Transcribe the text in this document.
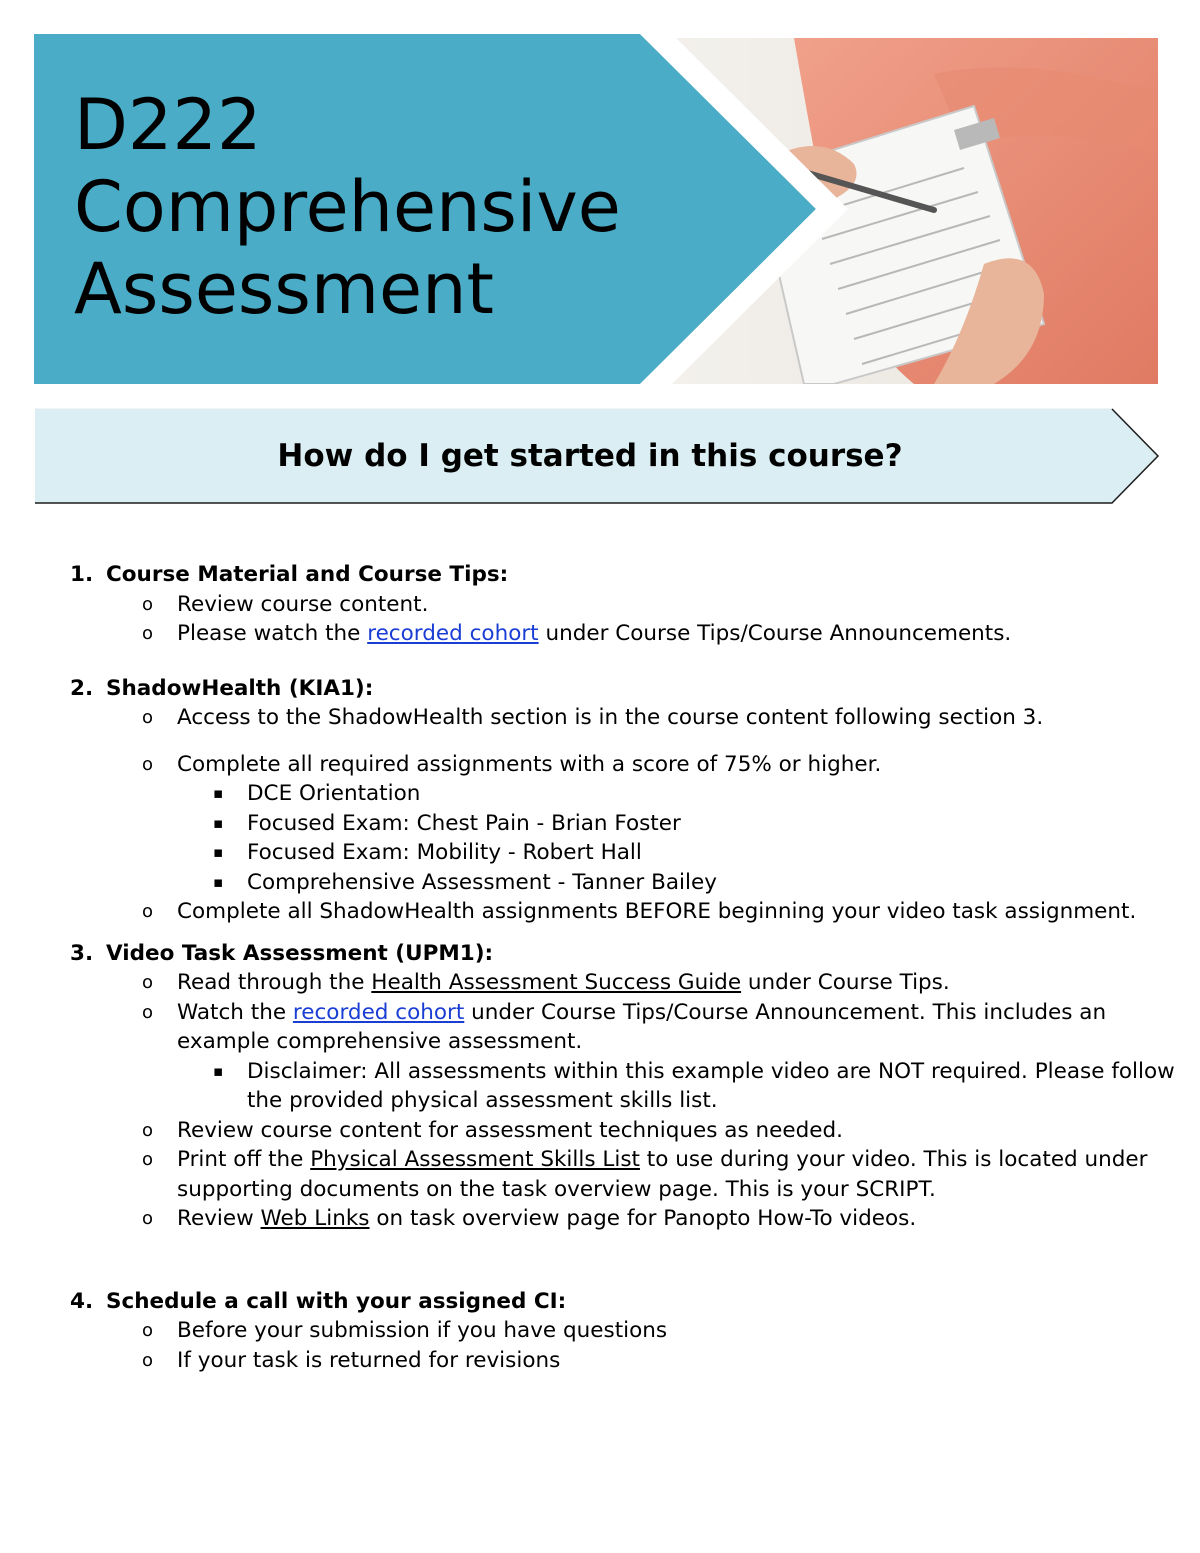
D222
Comprehensive
Assessment
How do I get started in this course?
1. Course Material and Course Tips:
o Review course content.
o Please watch the recorded cohort under Course Tips/Course Announcements.
2. ShadowHealth (KIA1):
o Access to the ShadowHealth section is in the course content following section 3.
o Complete all required assignments with a score of 75% or higher.
▪ DCE Orientation
▪ Focused Exam: Chest Pain - Brian Foster
▪ Focused Exam: Mobility - Robert Hall
▪ Comprehensive Assessment - Tanner Bailey
o Complete all ShadowHealth assignments BEFORE beginning your video task assignment.
3. Video Task Assessment (UPM1):
o Read through the Health Assessment Success Guide under Course Tips.
o Watch the recorded cohort under Course Tips/Course Announcement. This includes an example comprehensive assessment.
▪ Disclaimer: All assessments within this example video are NOT required. Please follow the provided physical assessment skills list.
o Review course content for assessment techniques as needed.
o Print off the Physical Assessment Skills List to use during your video. This is located under supporting documents on the task overview page. This is your SCRIPT.
o Review Web Links on task overview page for Panopto How-To videos.
4. Schedule a call with your assigned CI:
o Before your submission if you have questions
o If your task is returned for revisions
